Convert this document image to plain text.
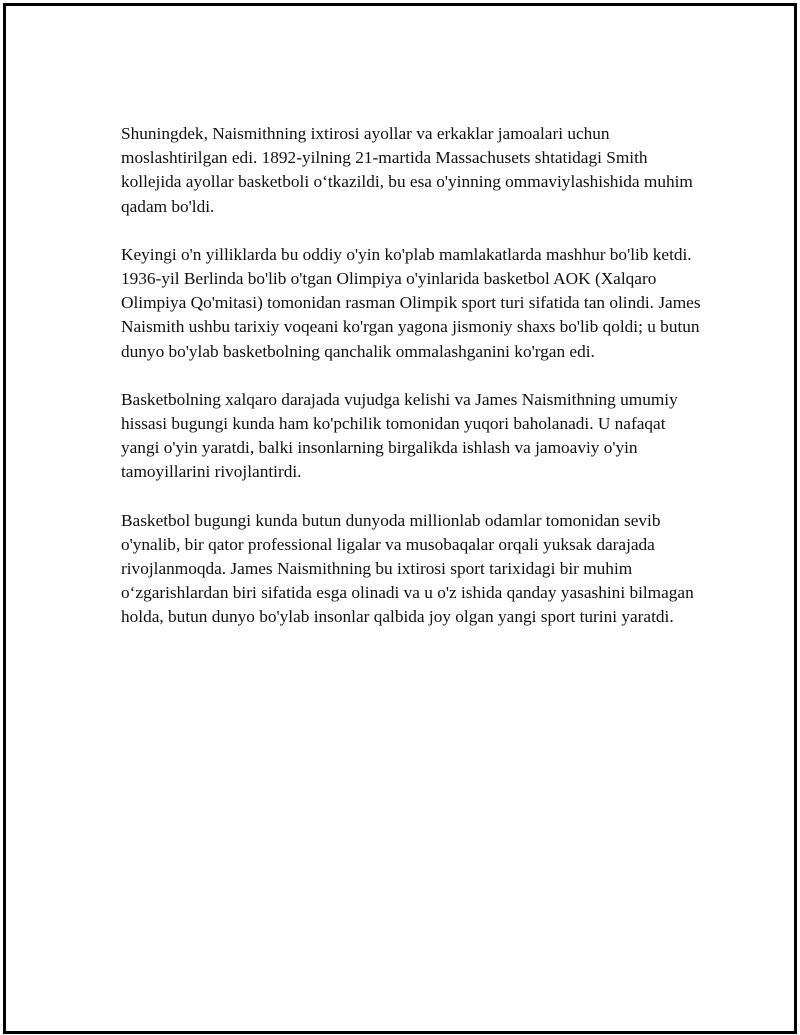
Shuningdek, Naismithning ixtirosi ayollar va erkaklar jamoalari uchun moslashtirilgan edi. 1892-yilning 21-martida Massachusets shtatidagi Smith kollejida ayollar basketboli o‘tkazildi, bu esa o'yinning ommaviylashishida muhim qadam bo'ldi.

Keyingi o'n yilliklarda bu oddiy o'yin ko'plab mamlakatlarda mashhur bo'lib ketdi. 1936-yil Berlinda bo'lib o'tgan Olimpiya o'yinlarida basketbol AOK (Xalqaro Olimpiya Qo'mitasi) tomonidan rasman Olimpik sport turi sifatida tan olindi. James Naismith ushbu tarixiy voqeani ko'rgan yagona jismoniy shaxs bo'lib qoldi; u butun dunyo bo'ylab basketbolning qanchalik ommalashganini ko'rgan edi.

Basketbolning xalqaro darajada vujudga kelishi va James Naismithning umumiy hissasi bugungi kunda ham ko'pchilik tomonidan yuqori baholanadi. U nafaqat yangi o'yin yaratdi, balki insonlarning birgalikda ishlash va jamoaviy o'yin tamoyillarini rivojlantirdi.

Basketbol bugungi kunda butun dunyoda millionlab odamlar tomonidan sevib o'ynalib, bir qator professional ligalar va musobaqalar orqali yuksak darajada rivojlanmoqda. James Naismithning bu ixtirosi sport tarixidagi bir muhim o‘zgarishlardan biri sifatida esga olinadi va u o'z ishida qanday yasashini bilmagan holda, butun dunyo bo'ylab insonlar qalbida joy olgan yangi sport turini yaratdi.
